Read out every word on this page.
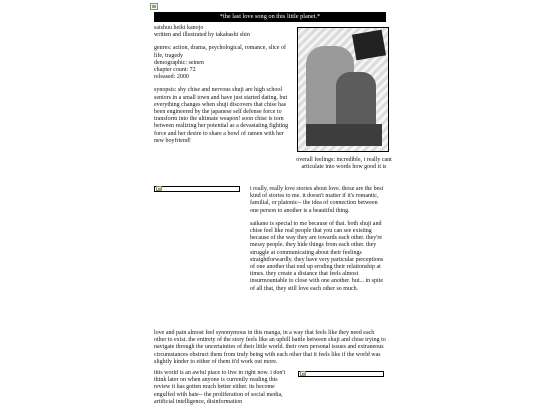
*the last love song on this little planet.*
saishuu heiki kanojo
written and illustrated by takahashi shin
genres: action, drama, psychological, romance, slice of life, tragedy
demographic: seinen
chapter count: 72
released: 2000
synopsis: shy chise and nervous shuji are high school seniors in a small town and have just started dating. but everything changes when shuji discovers that chise has been engineered by the japanese self defense force to transform into the ultimate weapon! soon chise is torn between realizing her potential as a devastating fighting force and her desire to share a bowl of ramen with her new boyfriend!
overall feelings: incredible, i really cant articulate into words how good it is
i really, really love stories about love. those are the best kind of stories to me. it doesn't matter if it's romantic, familial, or platonic-- the idea of connection between one person to another is a beautiful thing.
saikano is special to me because of that. both shuji and chise feel like real people that you can see existing because of the way they are towards each other. they're messy people. they hide things from each other. they struggle at communicating about their feelings straightforwardly. they have very particular perceptions of one another that end up eroding their relationship at times. they create a distance that feels almost insurmountable to close with one another. but... in spite of all that, they still love each other so much.
love and pain almost feel synonymous in this manga, in a way that feels like they need each other to exist. the entirety of the story feels like an uphill battle between shuji and chise trying to navigate through the uncertainties of their little world. their own personal issues and extraneous circumstances obstruct them from truly being with each other that it feels like if the world was slightly kinder to either of them it'd work out more.
this world is an awful place to live in right now. i don't think later on when anyone is currently reading this review it has gotten much better either. its become engulfed with hate-- the proliferation of social media, artificial intelligence, disinformation
